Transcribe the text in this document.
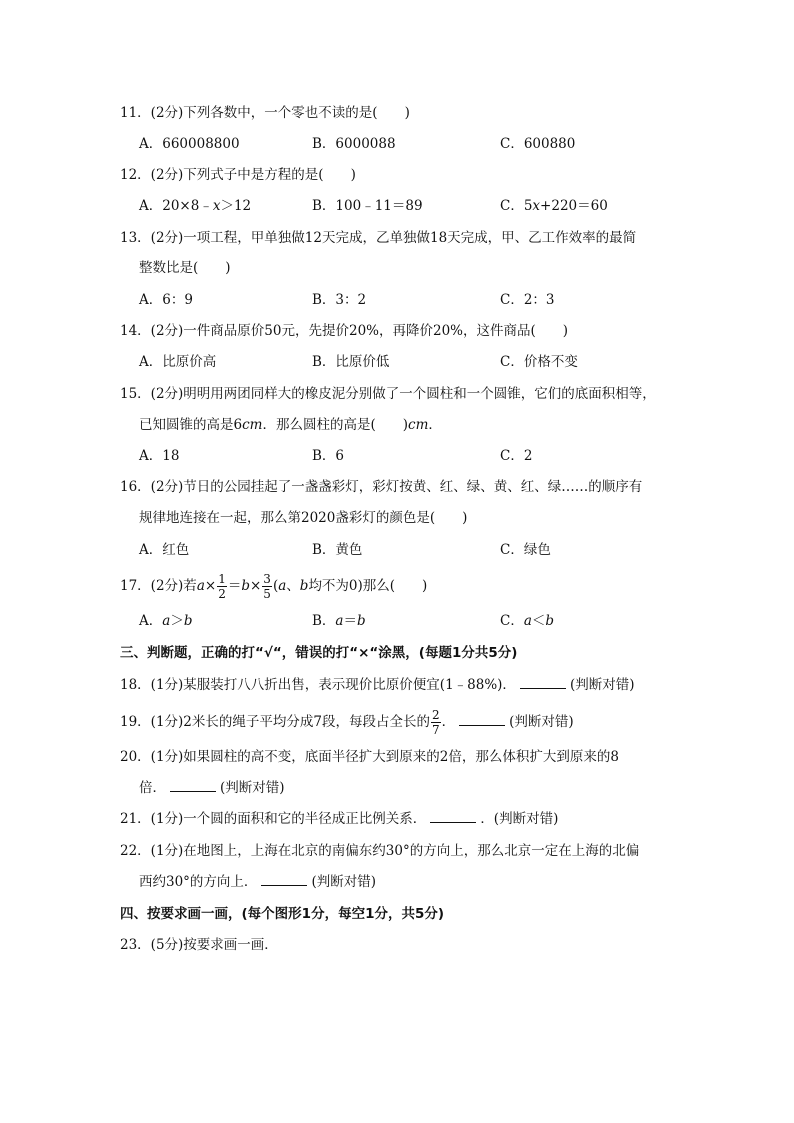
11．(2分)下列各数中，一个零也不读的是(　　)
A．660008800	B．6000088	C．600880
12．(2分)下列式子中是方程的是(　　)
A．20×8﹣x＞12	B．100﹣11＝89	C．5x+220＝60
13．(2分)一项工程，甲单独做12天完成，乙单独做18天完成，甲、乙工作效率的最简
整数比是(　　)
A．6：9	B．3：2	C．2：3
14．(2分)一件商品原价50元，先提价20%，再降价20%，这件商品(　　)
A．比原价高	B．比原价低	C．价格不变
15．(2分)明明用两团同样大的橡皮泥分别做了一个圆柱和一个圆锥，它们的底面积相等，
已知圆锥的高是6cm．那么圆柱的高是(　　)cm．
A．18	B．6	C．2
16．(2分)节日的公园挂起了一盏盏彩灯，彩灯按黄、红、绿、黄、红、绿……的顺序有
规律地连接在一起，那么第2020盏彩灯的颜色是(　　)
A．红色	B．黄色	C．绿色
17．(2分)若$a\times \frac{1}{2} =b\times \frac{3}{5} (a$、b均不为0)那么(　　)
A．a＞b	B．a＝b	C．a＜b
三、判断题，正确的打“√“，错误的打“×“涂黑，(每题1分共5分)
18．(1分)某服装打八八折出售，表示现价比原价便宜(1﹣88%)．	(判断对错)
19．(1分)2米长的绳子平均分成7段，每段占全长的 $\frac{2}{7}$ ．	(判断对错)
20．(1分)如果圆柱的高不变，底面半径扩大到原来的2倍，那么体积扩大到原来的8
倍．	(判断对错)
21．(1分)一个圆的面积和它的半径成正比例关系．	．(判断对错)
22．(1分)在地图上，上海在北京的南偏东约30°的方向上，那么北京一定在上海的北偏
西约30°的方向上．	(判断对错)
四、按要求画一画，(每个图形1分，每空1分，共5分)
23．(5分)按要求画一画．
